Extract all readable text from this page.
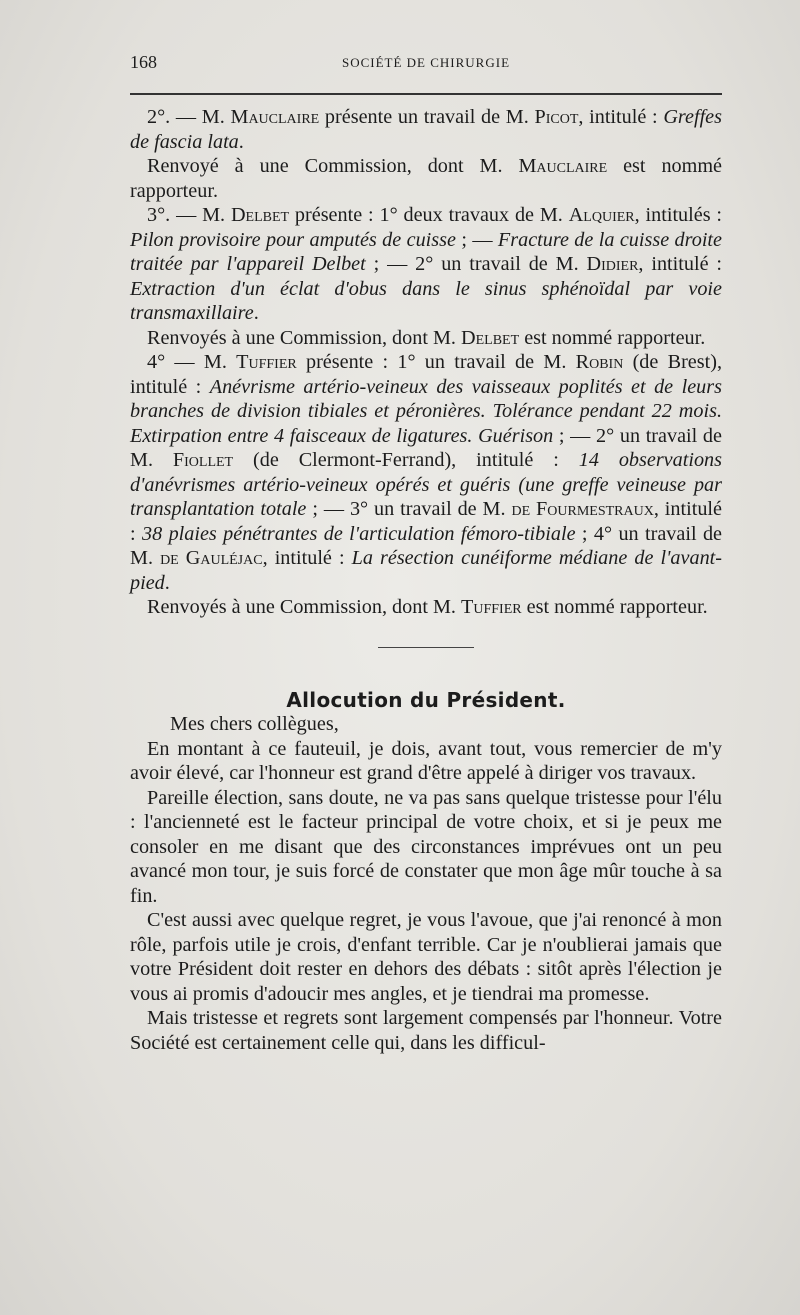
168	SOCIÉTÉ DE CHIRURGIE

2°. — M. Mauclaire présente un travail de M. Picot, intitulé : Greffes de fascia lata.

Renvoyé à une Commission, dont M. Mauclaire est nommé rapporteur.

3°. — M. Delbet présente : 1° deux travaux de M. Alquier, intitulés : Pilon provisoire pour amputés de cuisse ; — Fracture de la cuisse droite traitée par l'appareil Delbet ; — 2° un travail de M. Didier, intitulé : Extraction d'un éclat d'obus dans le sinus sphénoïdal par voie transmaxillaire.

Renvoyés à une Commission, dont M. Delbet est nommé rapporteur.

4° — M. Tuffier présente : 1° un travail de M. Robin (de Brest), intitulé : Anévrisme artério-veineux des vaisseaux poplités et de leurs branches de division tibiales et péronières. Tolérance pendant 22 mois. Extirpation entre 4 faisceaux de ligatures. Guérison ; — 2° un travail de M. Fiollet (de Clermont-Ferrand), intitulé : 14 observations d'anévrismes artério-veineux opérés et guéris (une greffe veineuse par transplantation totale ; — 3° un travail de M. de Fourmestraux, intitulé : 38 plaies pénétrantes de l'articulation fémoro-tibiale ; 4° un travail de M. de Gauléjac, intitulé : La résection cunéiforme médiane de l'avant-pied.

Renvoyés à une Commission, dont M. Tuffier est nommé rapporteur.

Allocution du Président.

Mes chers collègues,

En montant à ce fauteuil, je dois, avant tout, vous remercier de m'y avoir élevé, car l'honneur est grand d'être appelé à diriger vos travaux.

Pareille élection, sans doute, ne va pas sans quelque tristesse pour l'élu : l'ancienneté est le facteur principal de votre choix, et si je peux me consoler en me disant que des circonstances imprévues ont un peu avancé mon tour, je suis forcé de constater que mon âge mûr touche à sa fin.

C'est aussi avec quelque regret, je vous l'avoue, que j'ai renoncé à mon rôle, parfois utile je crois, d'enfant terrible. Car je n'oublierai jamais que votre Président doit rester en dehors des débats : sitôt après l'élection je vous ai promis d'adoucir mes angles, et je tiendrai ma promesse.

Mais tristesse et regrets sont largement compensés par l'honneur. Votre Société est certainement celle qui, dans les difficul-
